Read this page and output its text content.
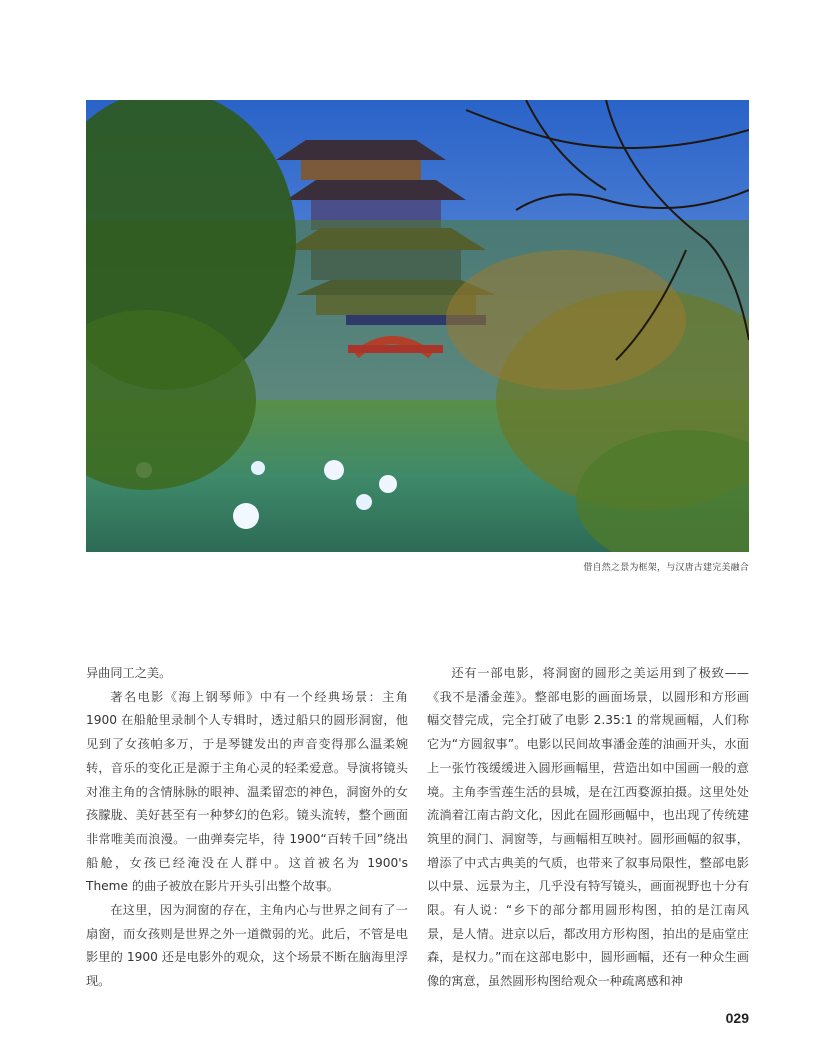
借自然之景为框架，与汉唐古建完美融合

异曲同工之美。

著名电影《海上钢琴师》中有一个经典场景：主角 1900 在船舱里录制个人专辑时，透过船只的圆形洞窗，他见到了女孩帕多万，于是琴键发出的声音变得那么温柔婉转，音乐的变化正是源于主角心灵的轻柔爱意。导演将镜头对准主角的含情脉脉的眼神、温柔留恋的神色，洞窗外的女孩朦胧、美好甚至有一种梦幻的色彩。镜头流转，整个画面非常唯美而浪漫。一曲弹奏完毕，待 1900“百转千回”绕出船舱，女孩已经淹没在人群中。这首被名为 1900's Theme 的曲子被放在影片开头引出整个故事。

在这里，因为洞窗的存在，主角内心与世界之间有了一扇窗，而女孩则是世界之外一道微弱的光。此后，不管是电影里的 1900 还是电影外的观众，这个场景不断在脑海里浮现。

还有一部电影，将洞窗的圆形之美运用到了极致——《我不是潘金莲》。整部电影的画面场景，以圆形和方形画幅交替完成，完全打破了电影 2.35:1 的常规画幅，人们称它为“方圆叙事”。电影以民间故事潘金莲的油画开头，水面上一张竹筏缓缓进入圆形画幅里，营造出如中国画一般的意境。主角李雪莲生活的县城，是在江西婺源拍摄。这里处处流淌着江南古韵文化，因此在圆形画幅中，也出现了传统建筑里的洞门、洞窗等，与画幅相互映衬。圆形画幅的叙事，增添了中式古典美的气质，也带来了叙事局限性，整部电影以中景、远景为主，几乎没有特写镜头，画面视野也十分有限。有人说：“乡下的部分都用圆形构图，拍的是江南风景，是人情。进京以后，都改用方形构图，拍出的是庙堂庄森，是权力。”而在这部电影中，圆形画幅，还有一种众生画像的寓意，虽然圆形构图给观众一种疏离感和神

029
